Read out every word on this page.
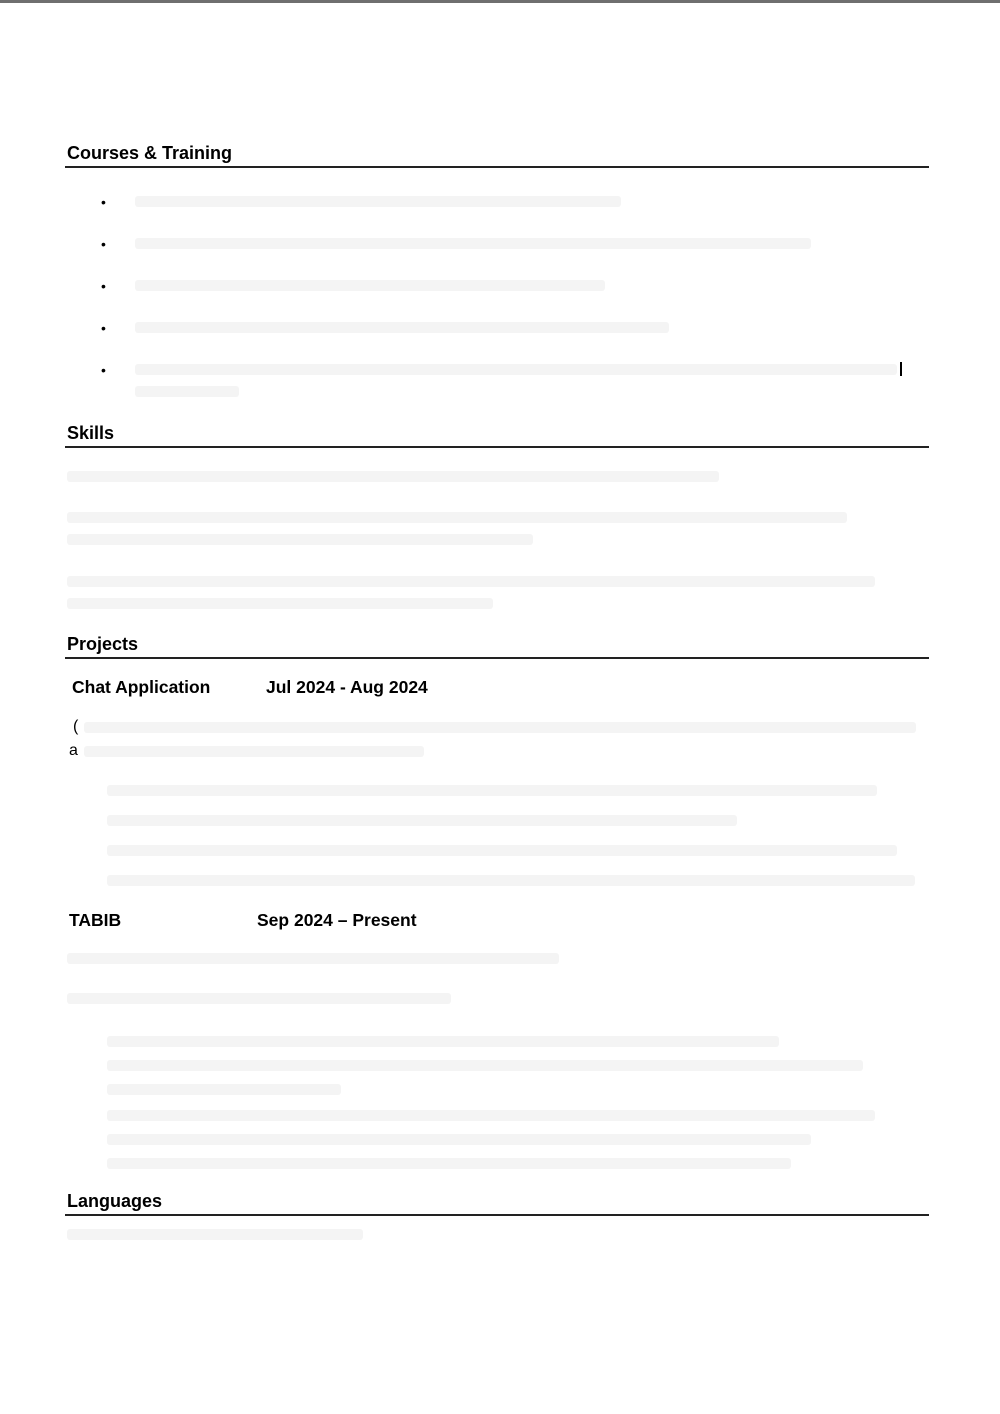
Courses & Training
•
•
•
•
•
Skills
Projects
Chat Application	Jul 2024 - Aug 2024
(
a
TABIB	Sep 2024 – Present
Languages
